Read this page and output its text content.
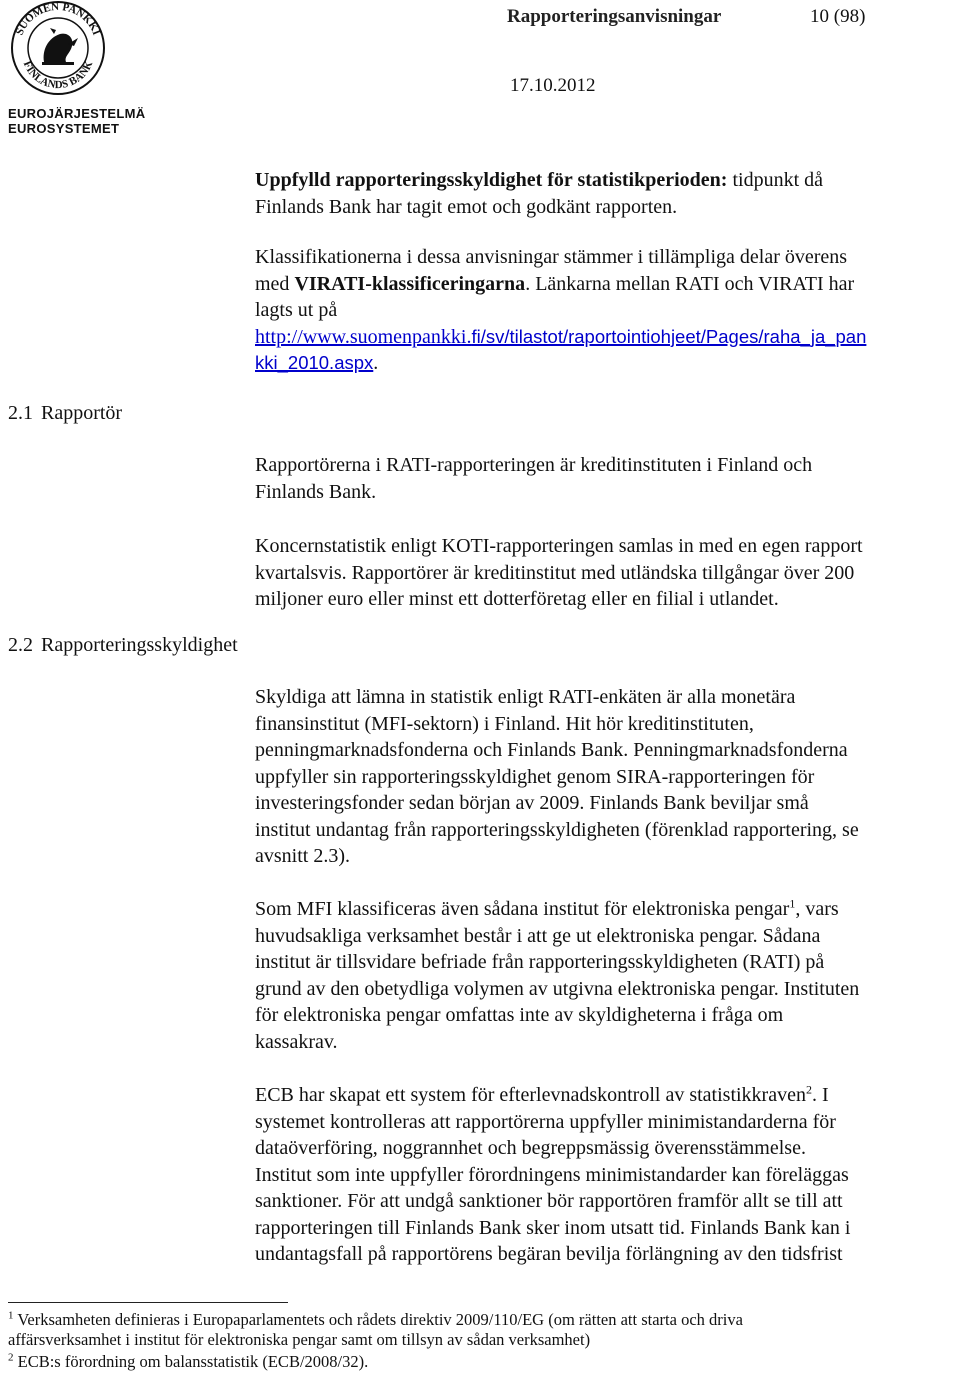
SUOMEN PANKKI
FINLANDS BANK
EUROJÄRJESTELMÄ
EUROSYSTEMET
Rapporteringsanvisningar	10 (98)
17.10.2012
Uppfylld rapporteringsskyldighet för statistikperioden: tidpunkt då
Finlands Bank har tagit emot och godkänt rapporten.
Klassifikationerna i dessa anvisningar stämmer i tillämpliga delar överens
med VIRATI-klassificeringarna. Länkarna mellan RATI och VIRATI har
lagts ut på
http://www.suomenpankki.fi/sv/tilastot/raportointiohjeet/Pages/raha_ja_pan
kki_2010.aspx.
2.1 Rapportör
Rapportörerna i RATI-rapporteringen är kreditinstituten i Finland och
Finlands Bank.
Koncernstatistik enligt KOTI-rapporteringen samlas in med en egen rapport
kvartalsvis. Rapportörer är kreditinstitut med utländska tillgångar över 200
miljoner euro eller minst ett dotterföretag eller en filial i utlandet.
2.2 Rapporteringsskyldighet
Skyldiga att lämna in statistik enligt RATI-enkäten är alla monetära
finansinstitut (MFI-sektorn) i Finland. Hit hör kreditinstituten,
penningmarknadsfonderna och Finlands Bank. Penningmarknadsfonderna
uppfyller sin rapporteringsskyldighet genom SIRA-rapporteringen för
investeringsfonder sedan början av 2009. Finlands Bank beviljar små
institut undantag från rapporteringsskyldigheten (förenklad rapportering, se
avsnitt 2.3).
Som MFI klassificeras även sådana institut för elektroniska pengar$^1$, vars
huvudsakliga verksamhet består i att ge ut elektroniska pengar. Sådana
institut är tillsvidare befriade från rapporteringsskyldigheten (RATI) på
grund av den obetydliga volymen av utgivna elektroniska pengar. Instituten
för elektroniska pengar omfattas inte av skyldigheterna i fråga om
kassakrav.
ECB har skapat ett system för efterlevnadskontroll av statistikkraven$^2$. I
systemet kontrolleras att rapportörerna uppfyller minimistandarderna för
dataöverföring, noggrannhet och begreppsmässig överensstämmelse.
Institut som inte uppfyller förordningens minimistandarder kan föreläggas
sanktioner. För att undgå sanktioner bör rapportören framför allt se till att
rapporteringen till Finlands Bank sker inom utsatt tid. Finlands Bank kan i
undantagsfall på rapportörens begäran bevilja förlängning av den tidsfrist
$^1$ Verksamheten definieras i Europaparlamentets och rådets direktiv 2009/110/EG (om rätten att starta och driva
affärsverksamhet i institut för elektroniska pengar samt om tillsyn av sådan verksamhet)
$^2$ ECB:s förordning om balansstatistik (ECB/2008/32).
